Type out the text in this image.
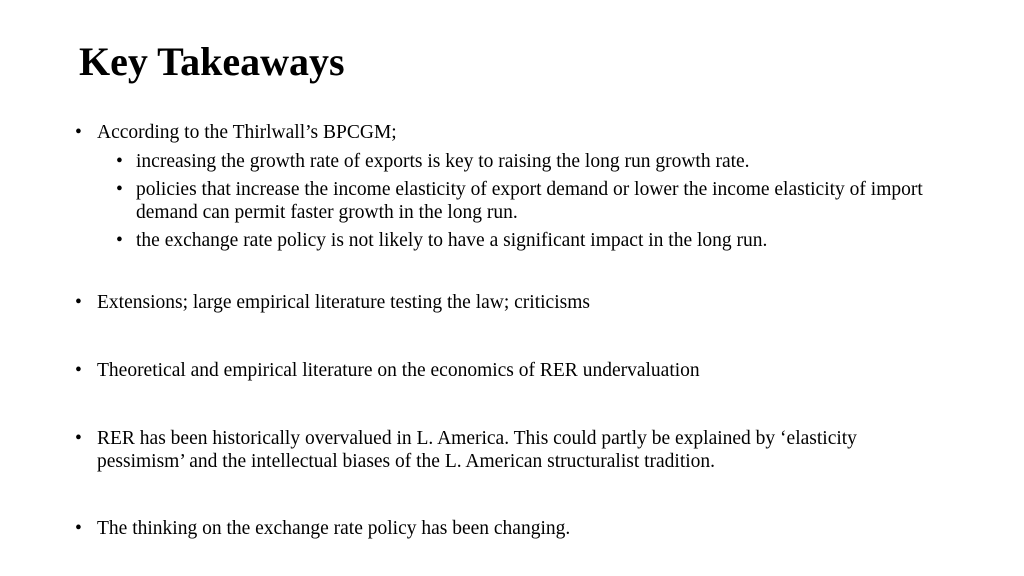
Key Takeaways
• According to the Thirlwall’s BPCGM;
• increasing the growth rate of exports is key to raising the long run growth rate.
• policies that increase the income elasticity of export demand or lower the income elasticity of import demand can permit faster growth in the long run.
• the exchange rate policy is not likely to have a significant impact in the long run.
• Extensions; large empirical literature testing the law; criticisms
• Theoretical and empirical literature on the economics of RER undervaluation
• RER has been historically overvalued in L. America. This could partly be explained by ‘elasticity pessimism’ and the intellectual biases of the L. American structuralist tradition.
• The thinking on the exchange rate policy has been changing.
